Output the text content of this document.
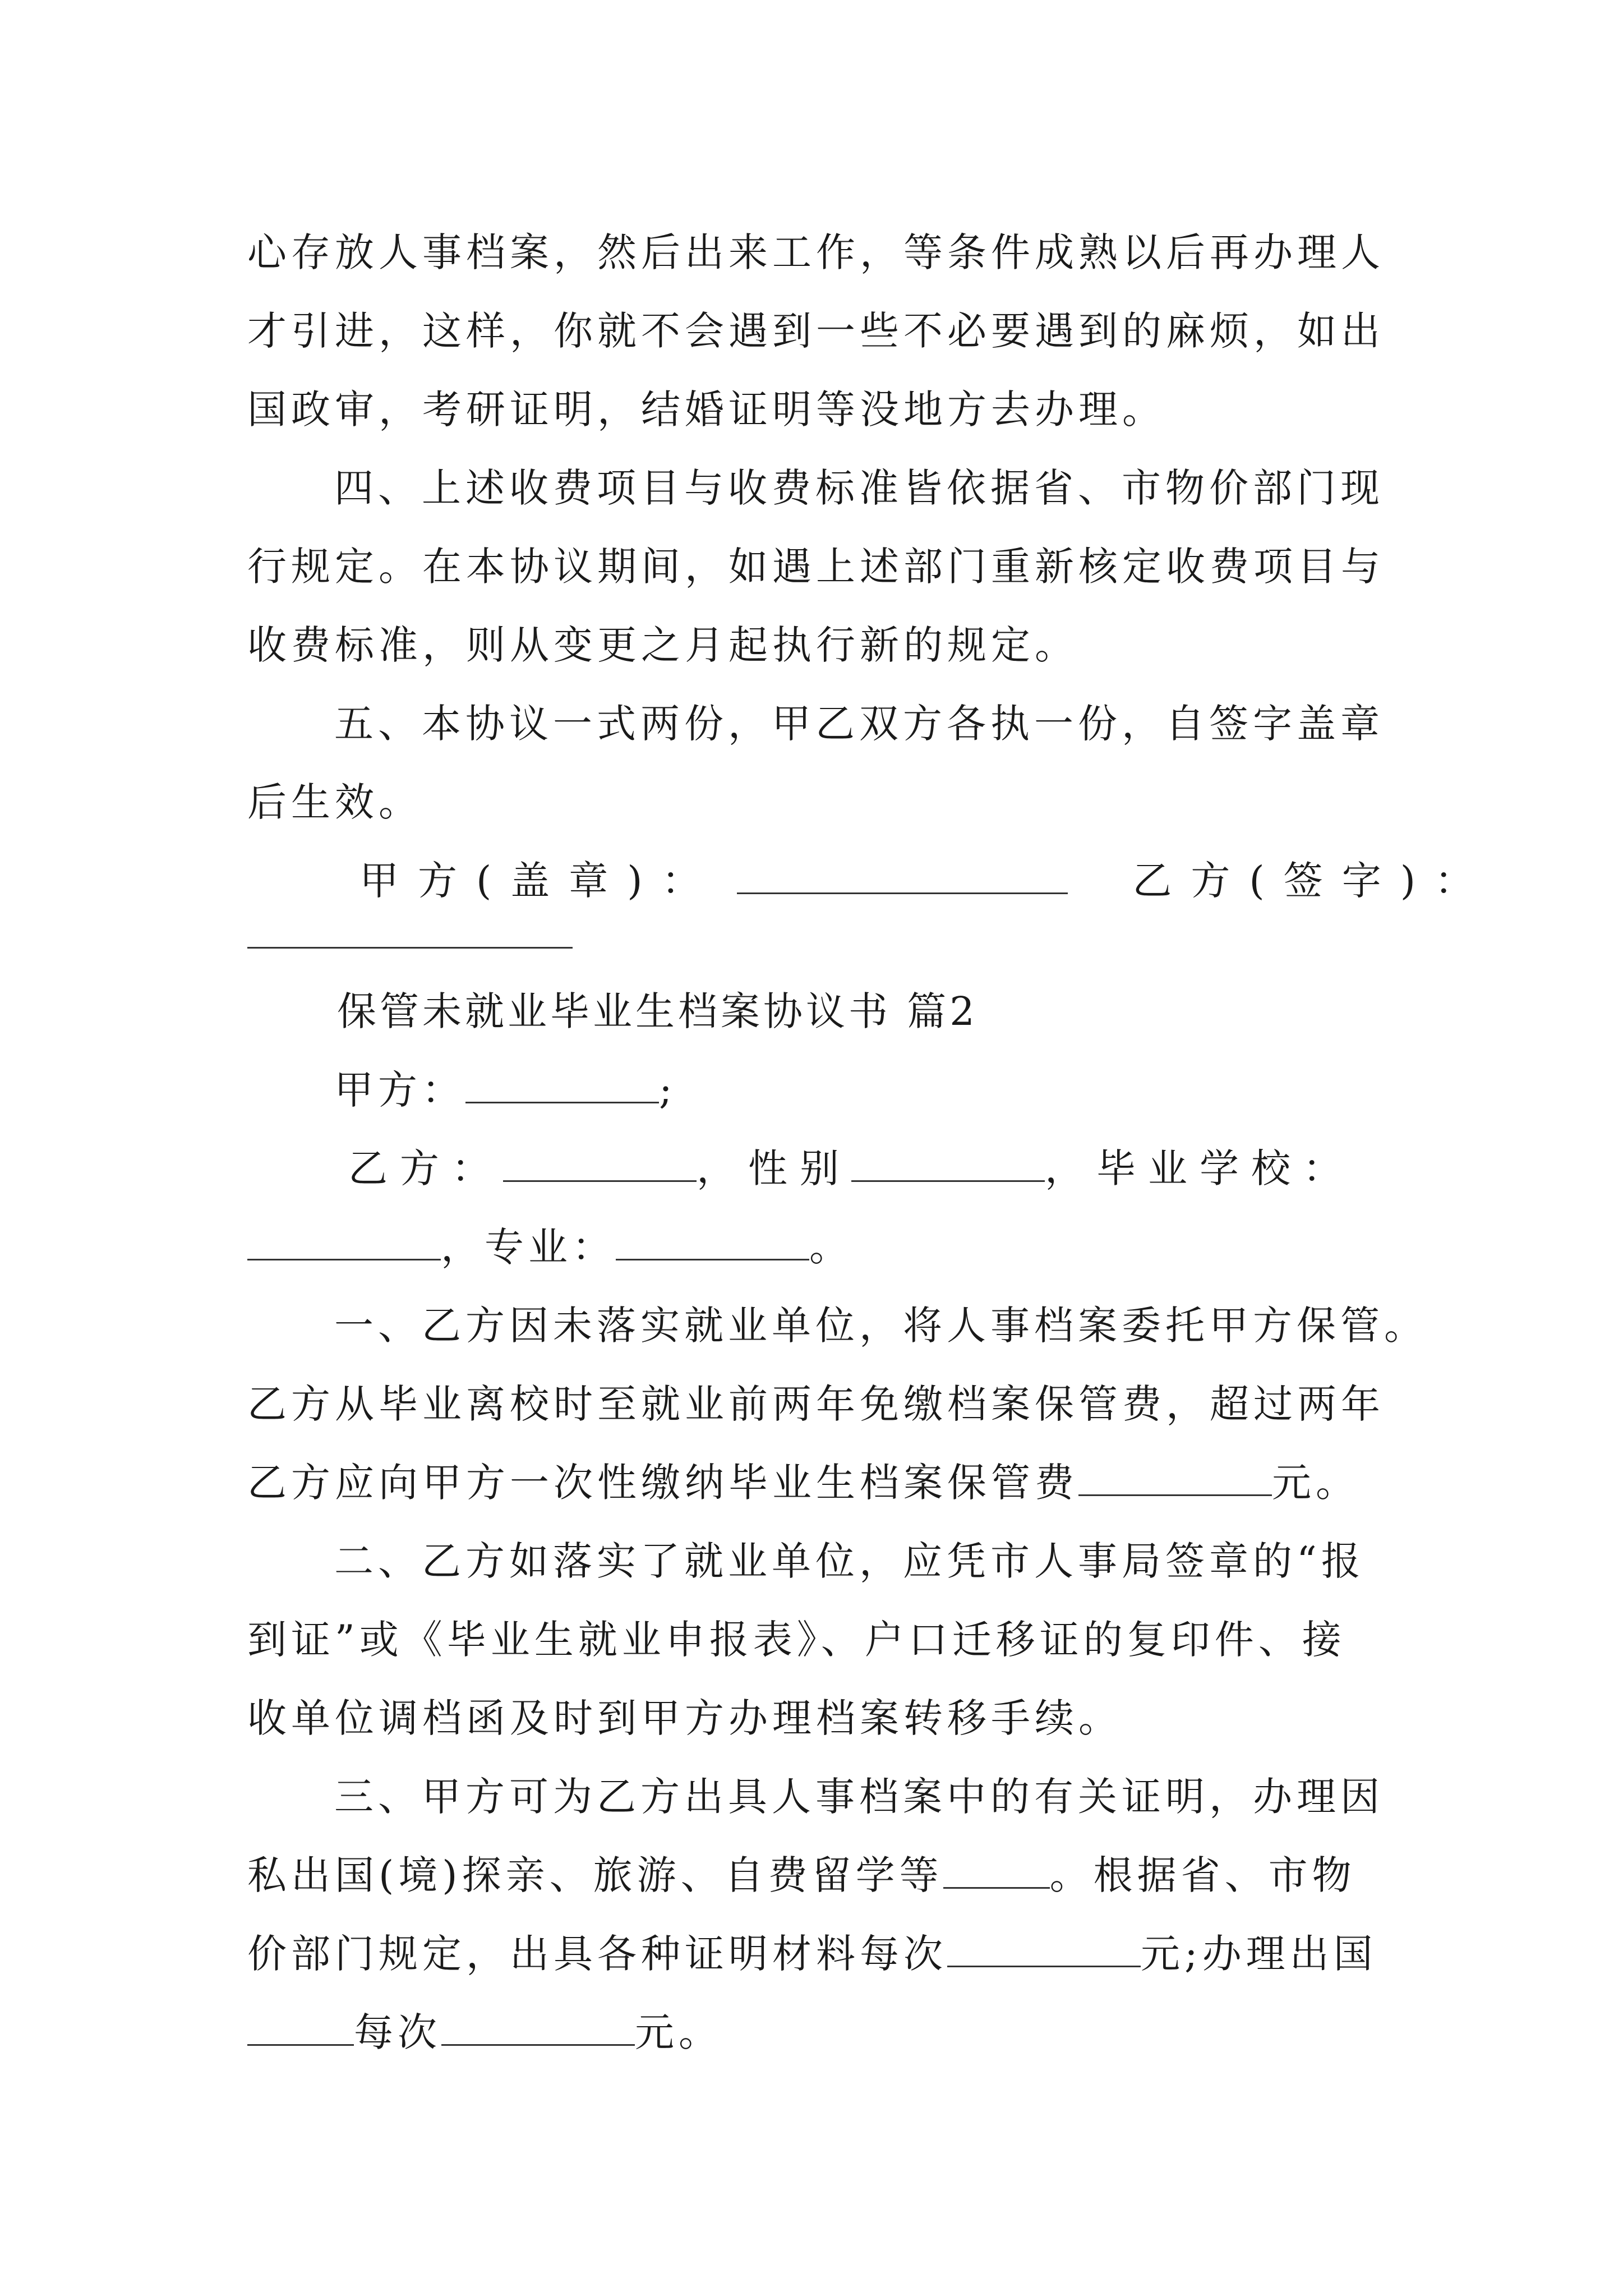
心存放人事档案，然后出来工作，等条件成熟以后再办理人
才引进，这样，你就不会遇到一些不必要遇到的麻烦，如出
国政审，考研证明，结婚证明等没地方去办理。
四、上述收费项目与收费标准皆依据省、市物价部门现
行规定。在本协议期间，如遇上述部门重新核定收费项目与
收费标准，则从变更之月起执行新的规定。
五、本协议一式两份，甲乙双方各执一份，自签字盖章
后生效。
甲方(盖章)：	乙方(签字)：
保管未就业毕业生档案协议书 篇2
甲方：	;
乙方：	，性别	，毕业学校：
，专业：	。
一、乙方因未落实就业单位，将人事档案委托甲方保管。
乙方从毕业离校时至就业前两年免缴档案保管费，超过两年
乙方应向甲方一次性缴纳毕业生档案保管费	元。
二、乙方如落实了就业单位，应凭市人事局签章的“报
到证”或《毕业生就业申报表》、户口迁移证的复印件、接
收单位调档函及时到甲方办理档案转移手续。
三、甲方可为乙方出具人事档案中的有关证明，办理因
私出国(境)探亲、旅游、自费留学等	。根据省、市物
价部门规定，出具各种证明材料每次	元;办理出国
每次	元。
